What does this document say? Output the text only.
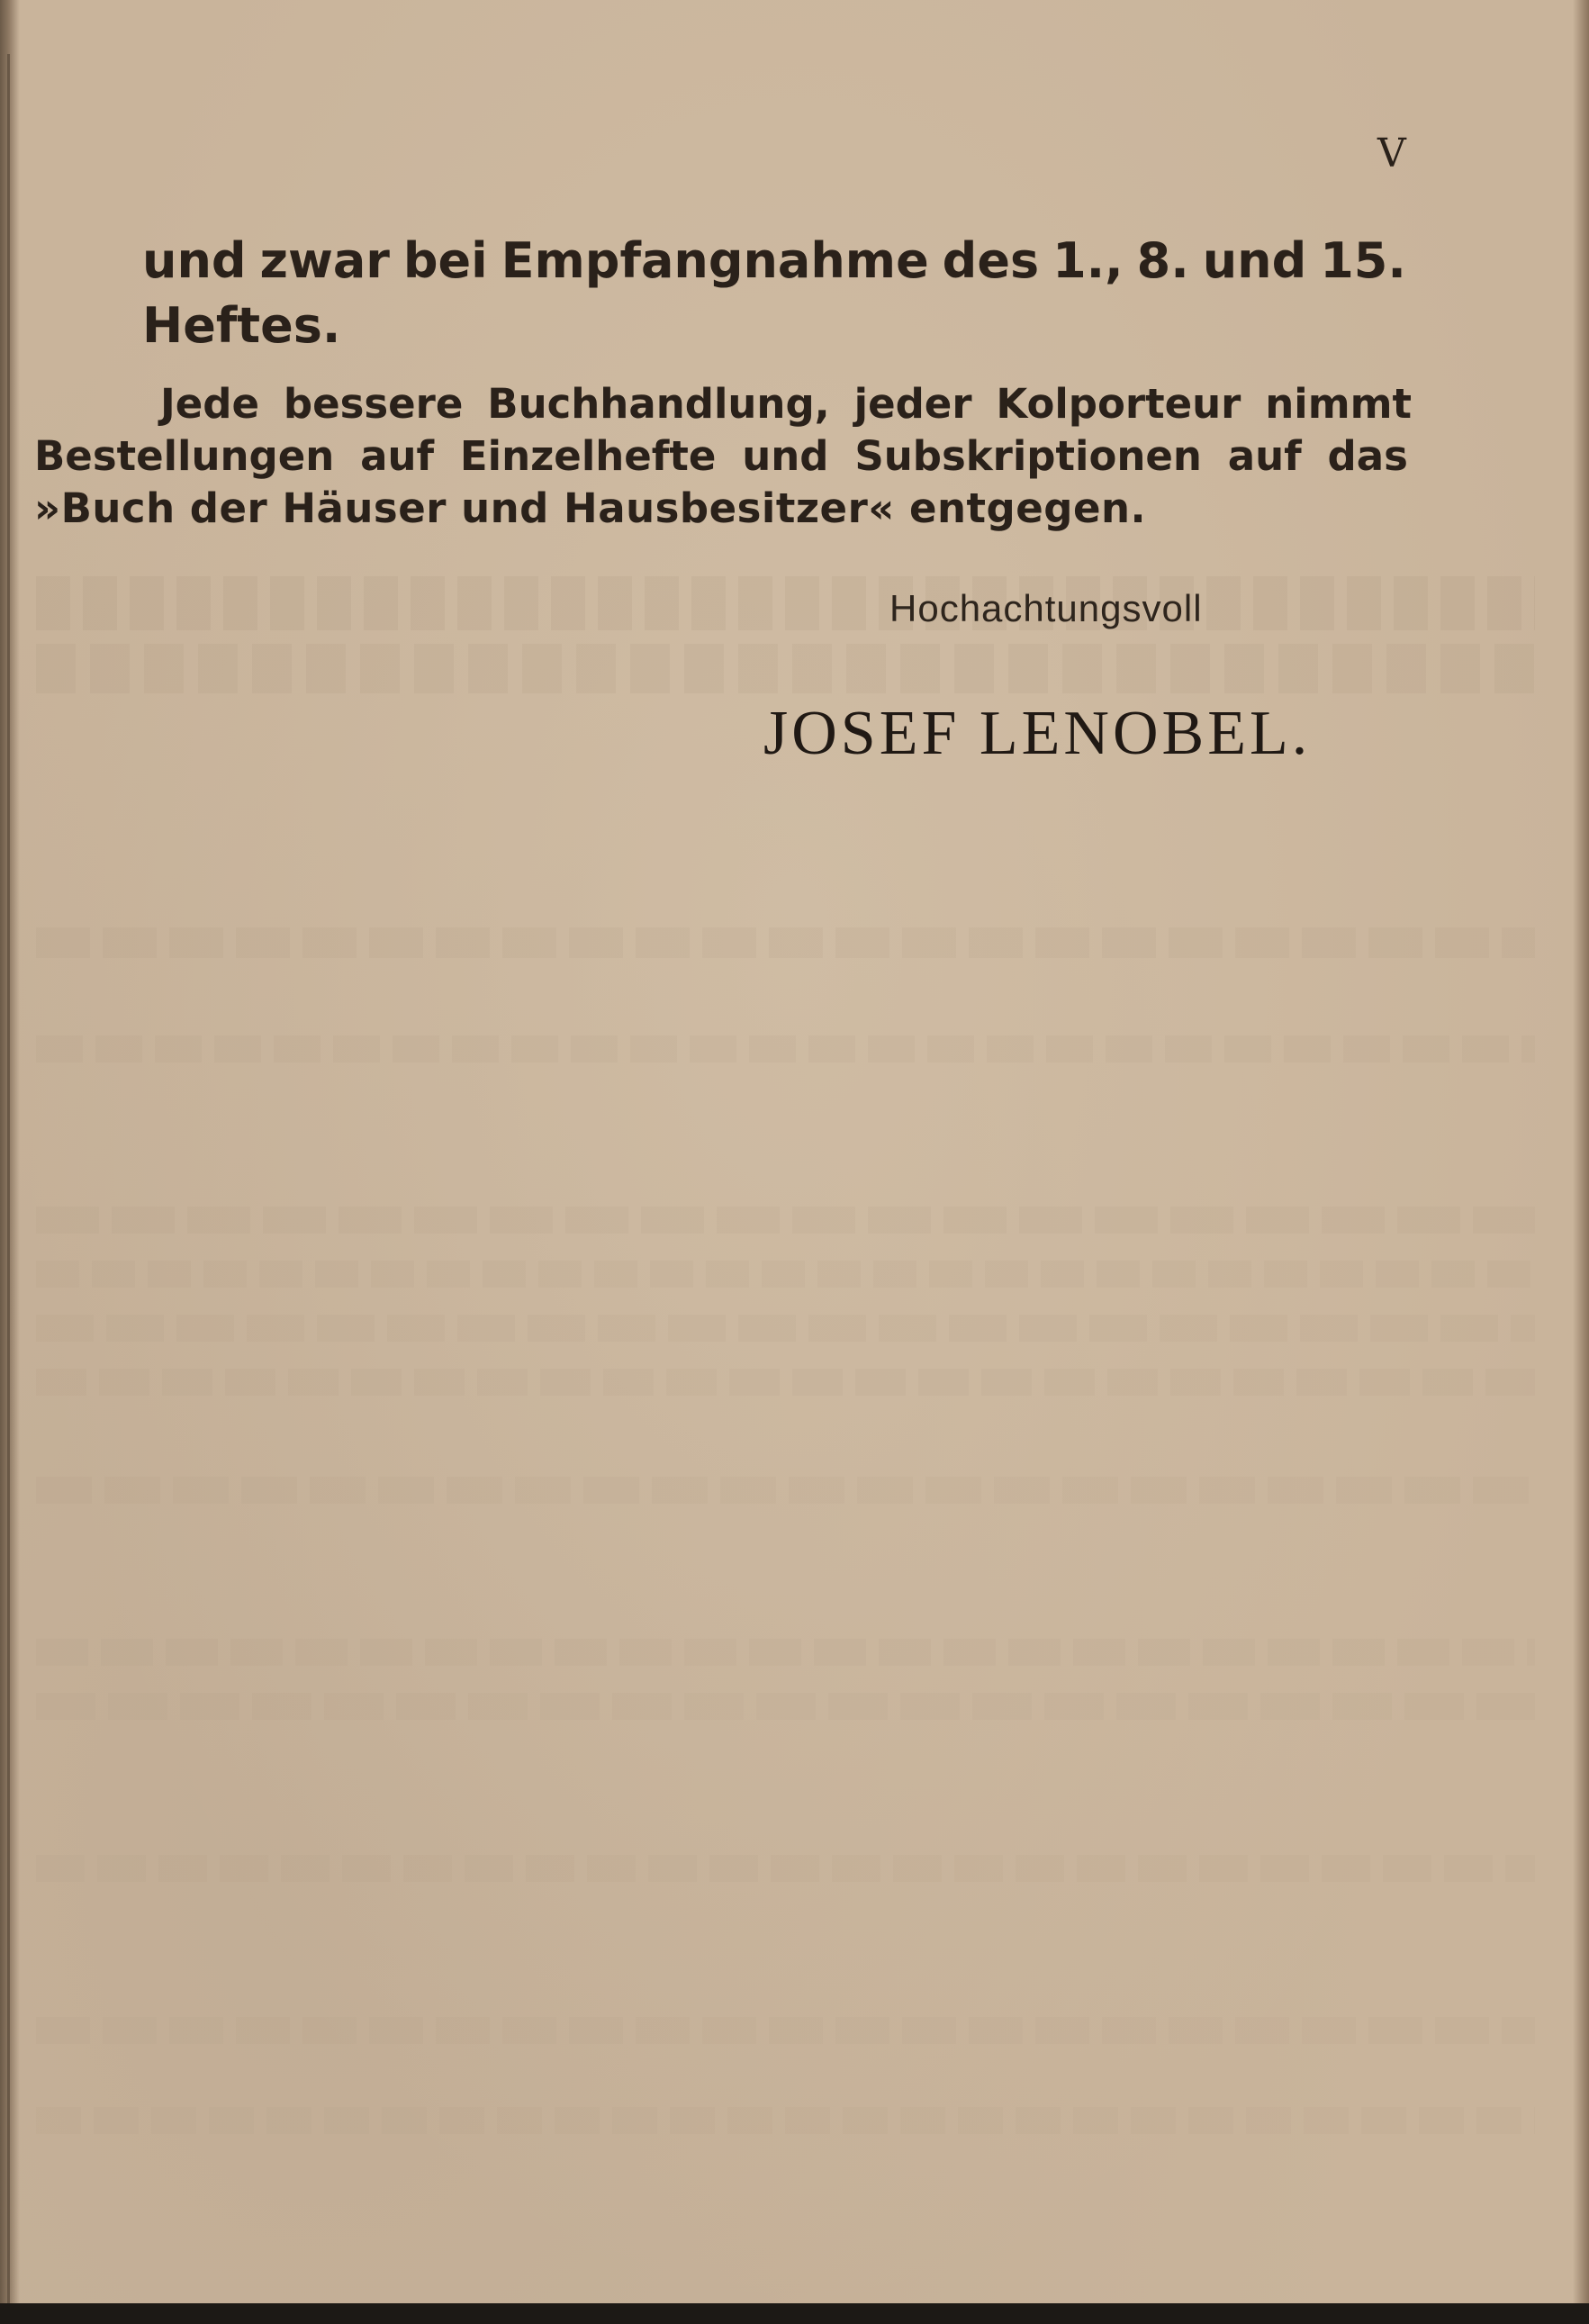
V
und zwar bei Empfangnahme des 1., 8. und 15.
Heftes.
Jede bessere Buchhandlung, jeder Kolporteur nimmt
Bestellungen auf Einzelhefte und Subskriptionen auf das
»Buch der Häuser und Hausbesitzer« entgegen.
Hochachtungsvoll
JOSEF LENOBEL.
